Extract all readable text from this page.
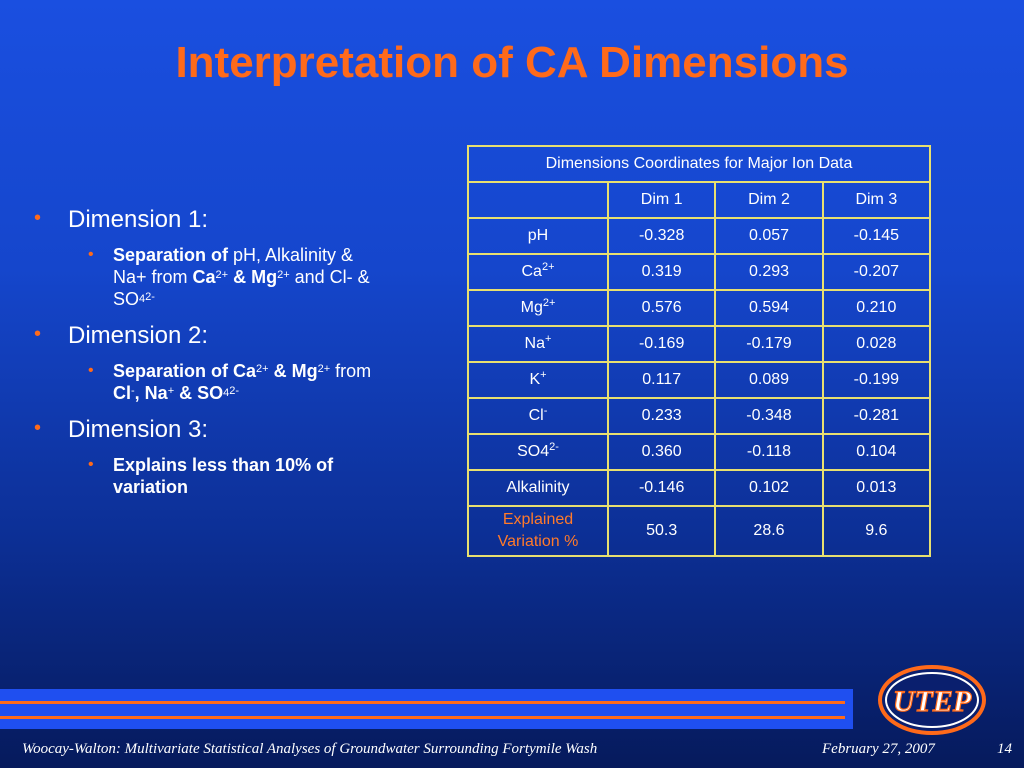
Interpretation of CA Dimensions
• Dimension 1:
• Separation of pH, Alkalinity &
Na+ from $Ca^{2+}$ & $Mg^{2+}$ and Cl- &
$SO4^{2-}$
• Dimension 2:
• Separation of $Ca^{2+}$ & $Mg^{2+}$ from
Cl-, Na+ & $SO4^{2-}$
• Dimension 3:
• Explains less than 10% of
variation
Dimensions Coordinates for Major Ion Data			
	Dim 1	Dim 2	Dim 3
pH	-0.328	0.057	-0.145
$Ca^{2+}$	0.319	0.293	-0.207
$Mg^{2+}$	0.576	0.594	0.210
Na+	-0.169	-0.179	0.028
K+	0.117	0.089	-0.199
Cl-	0.233	-0.348	-0.281
$SO4^{2-}$	0.360	-0.118	0.104
Alkalinity	-0.146	0.102	0.013
Explained
Variation %	50.3	28.6	9.6
UTEP
Woocay-Walton: Multivariate Statistical Analyses of Groundwater Surrounding Fortymile Wash	February 27, 2007	14
